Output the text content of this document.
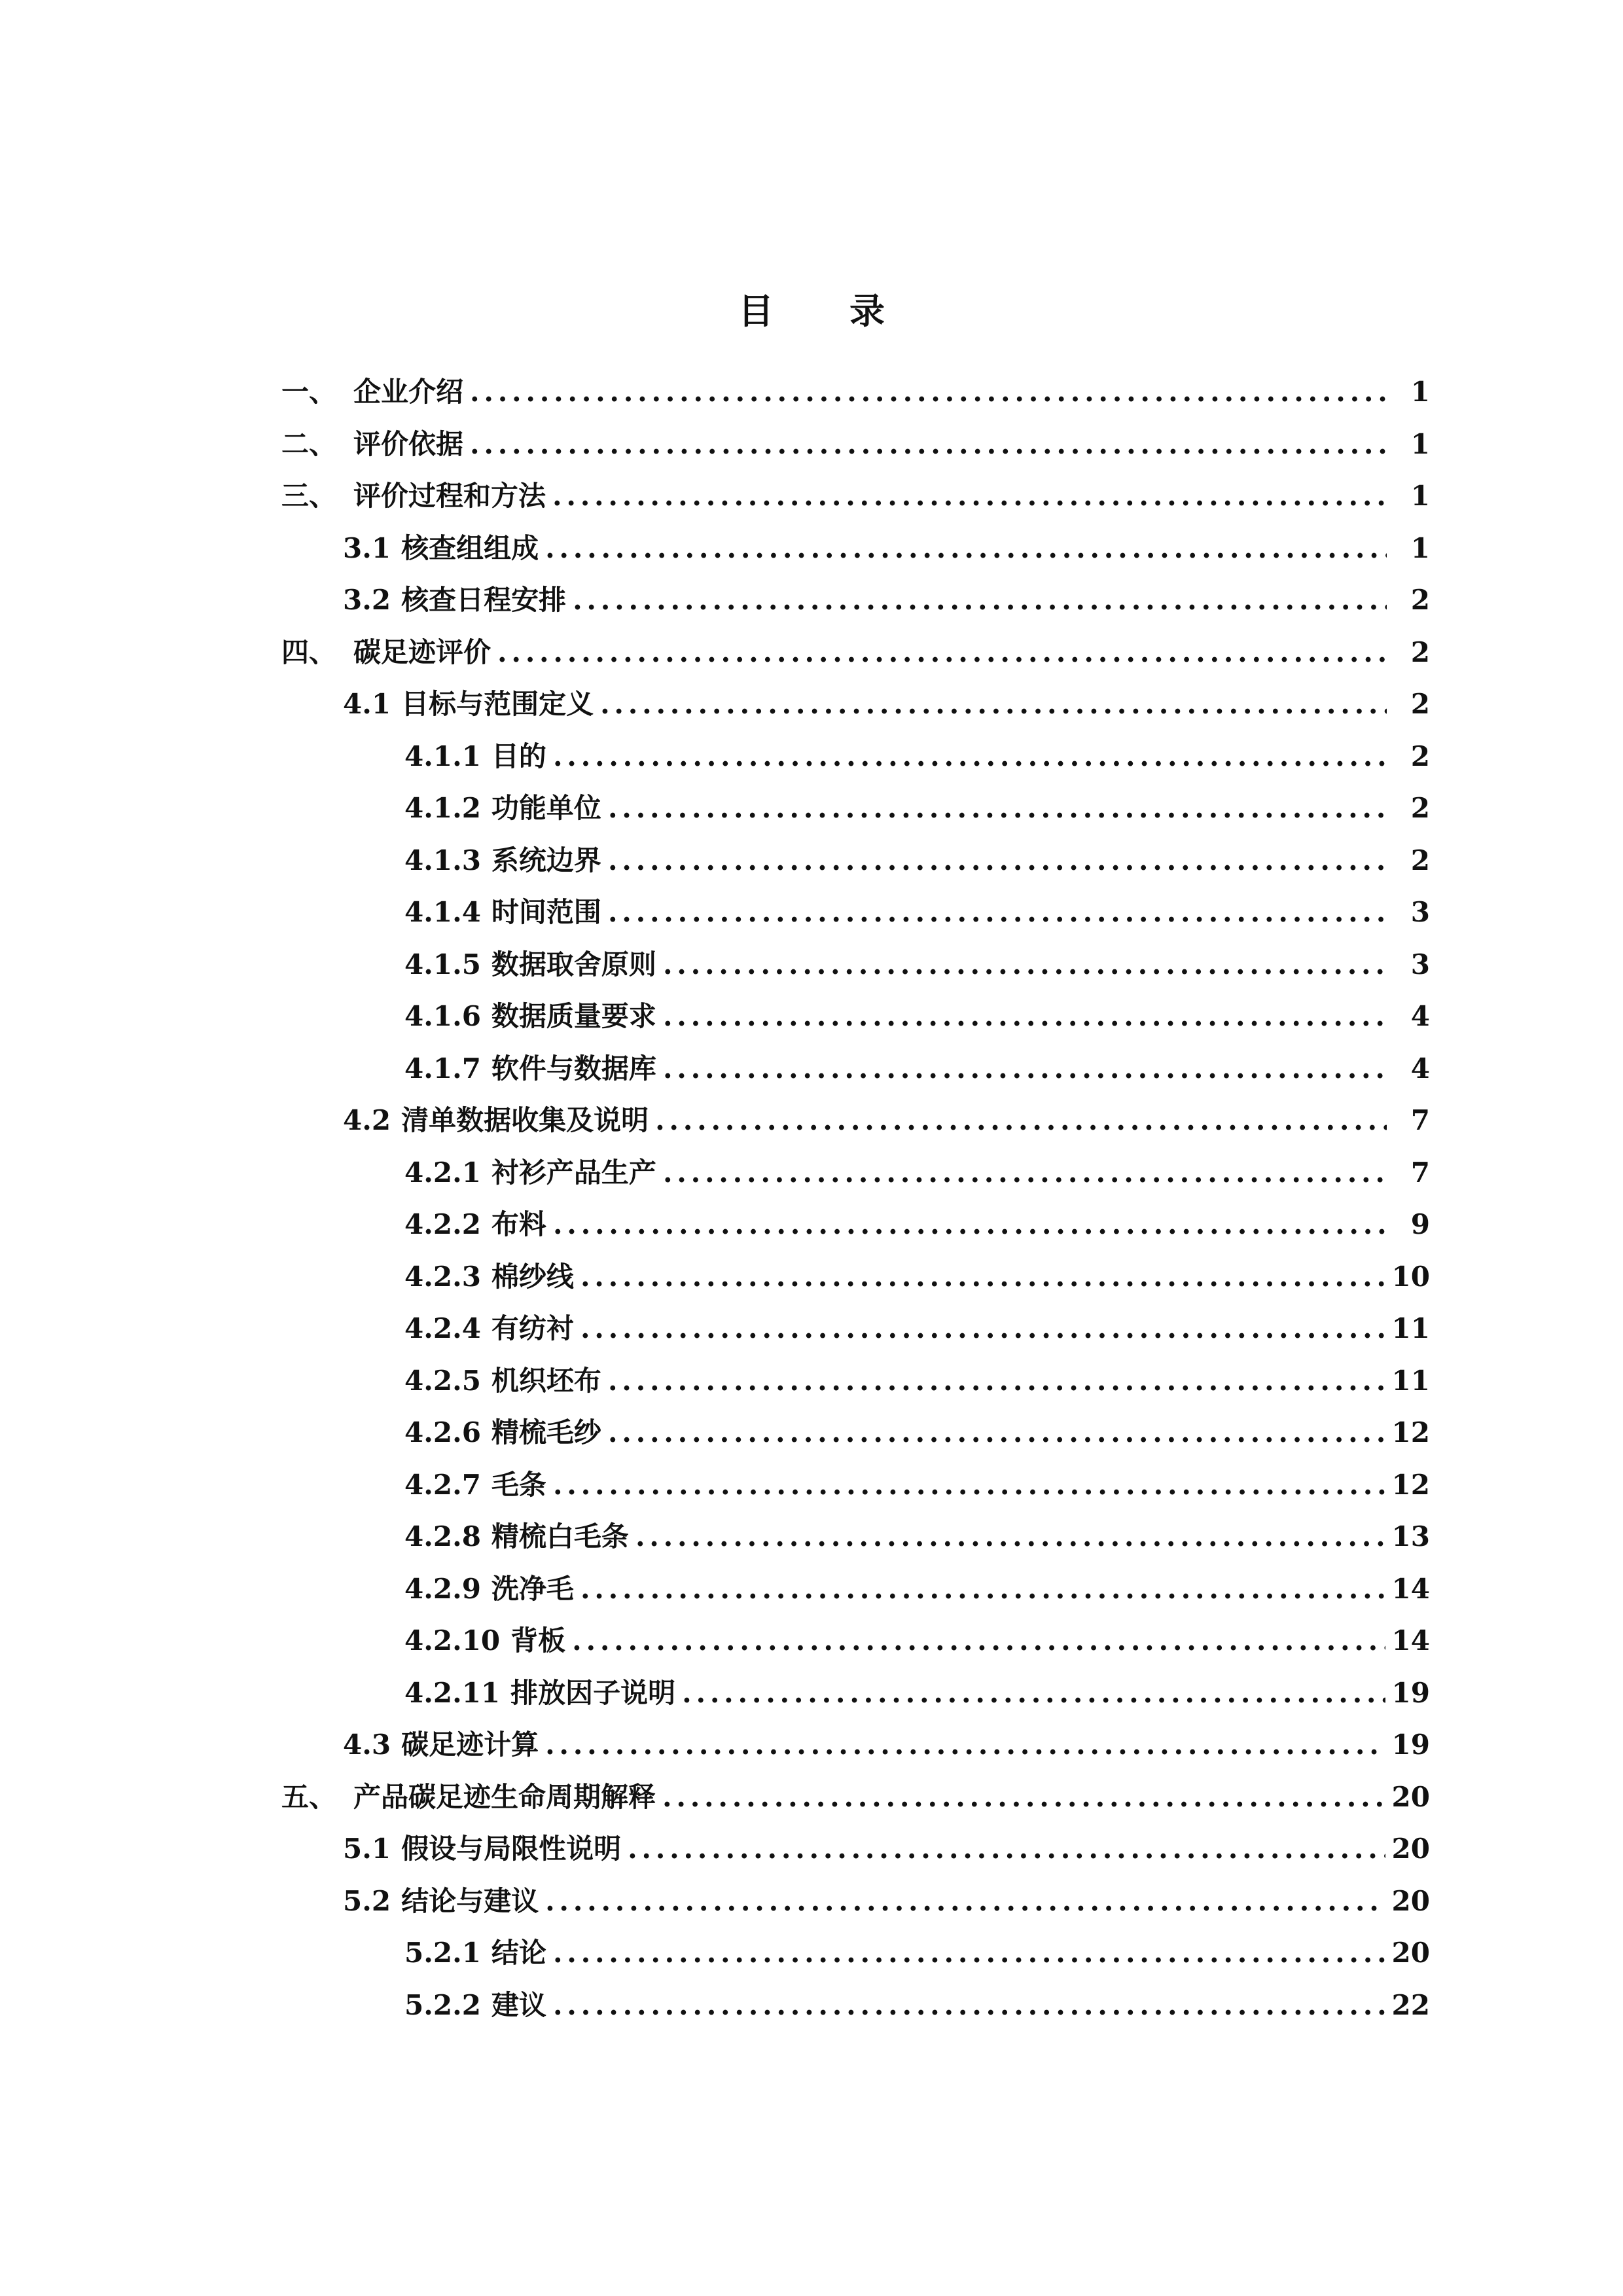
目 录
一、 企业介绍 .....	1
二、 评价依据 .....	1
三、 评价过程和方法 .....	1
3.1 核查组组成 .....	1
3.2 核查日程安排 .....	2
四、 碳足迹评价 .....	2
4.1 目标与范围定义 .....	2
4.1.1 目的 .....	2
4.1.2 功能单位 .....	2
4.1.3 系统边界 .....	2
4.1.4 时间范围 .....	3
4.1.5 数据取舍原则 .....	3
4.1.6 数据质量要求 .....	4
4.1.7 软件与数据库 .....	4
4.2 清单数据收集及说明 .....	7
4.2.1 衬衫产品生产 .....	7
4.2.2 布料 .....	9
4.2.3 棉纱线 .....	10
4.2.4 有纺衬 .....	11
4.2.5 机织坯布 .....	11
4.2.6 精梳毛纱 .....	12
4.2.7 毛条 .....	12
4.2.8 精梳白毛条 .....	13
4.2.9 洗净毛 .....	14
4.2.10 背板 .....	14
4.2.11 排放因子说明 .....	19
4.3 碳足迹计算 .....	19
五、 产品碳足迹生命周期解释 .....	20
5.1 假设与局限性说明 .....	20
5.2 结论与建议 .....	20
5.2.1 结论 .....	20
5.2.2 建议 .....	22
